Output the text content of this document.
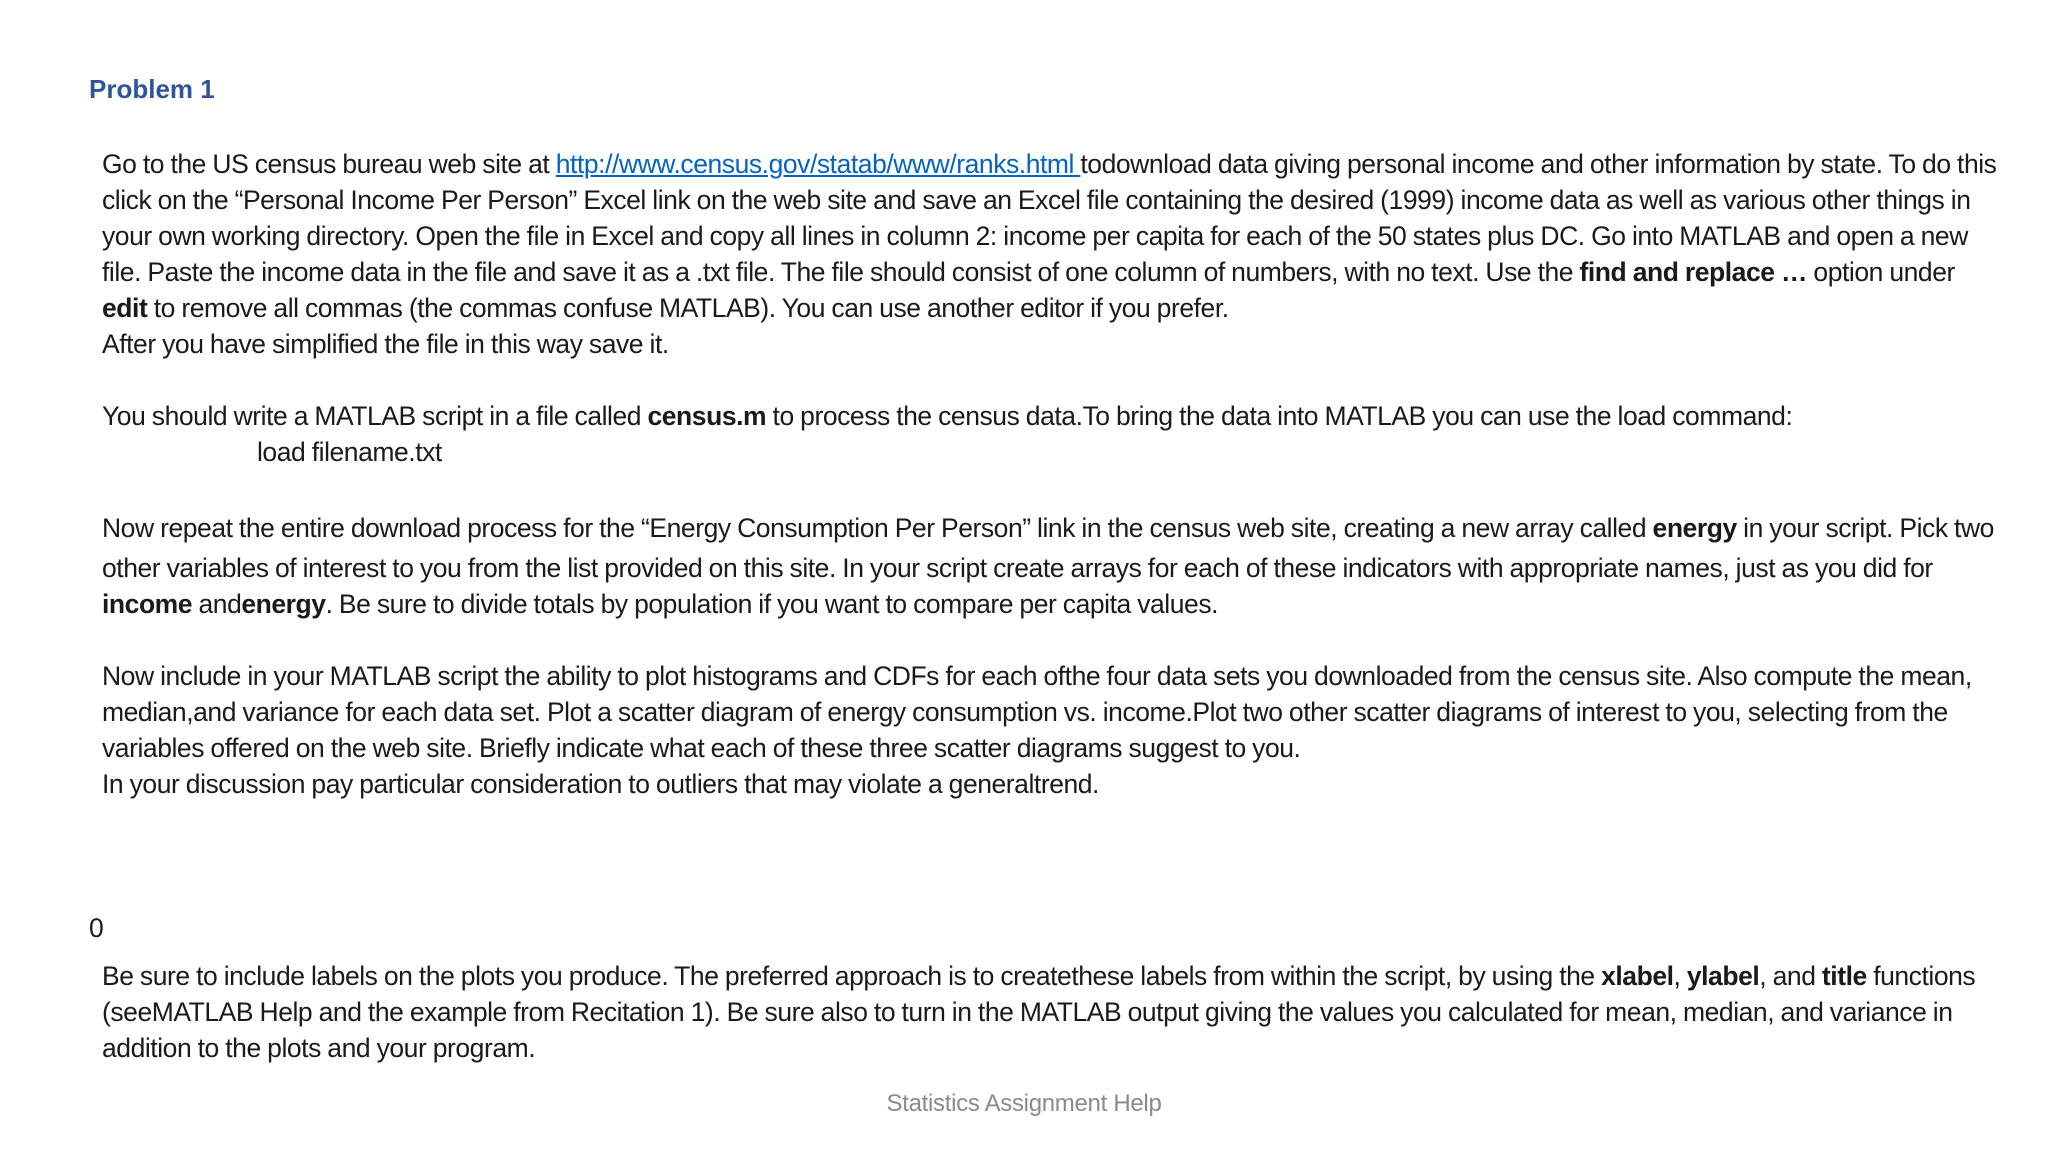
Problem 1

Go to the US census bureau web site at http://www.census.gov/statab/www/ranks.html todownload data giving personal income and other information by state. To do this click on the “Personal Income Per Person” Excel link on the web site and save an Excel file containing the desired (1999) income data as well as various other things in your own working directory. Open the file in Excel and copy all lines in column 2: income per capita for each of the 50 states plus DC. Go into MATLAB and open a new file. Paste the income data in the file and save it as a .txt file. The file should consist of one column of numbers, with no text. Use the find and replace … option under edit to remove all commas (the commas confuse MATLAB). You can use another editor if you prefer.

After you have simplified the file in this way save it.

You should write a MATLAB script in a file called census.m to process the census data.To bring the data into MATLAB you can use the load command:

load filename.txt

Now repeat the entire download process for the “Energy Consumption Per Person” link in the census web site, creating a new array called energy in your script. Pick two

other variables of interest to you from the list provided on this site. In your script create arrays for each of these indicators with appropriate names, just as you did for income andenergy. Be sure to divide totals by population if you want to compare per capita values.

Now include in your MATLAB script the ability to plot histograms and CDFs for each ofthe four data sets you downloaded from the census site. Also compute the mean, median,and variance for each data set. Plot a scatter diagram of energy consumption vs. income.Plot two other scatter diagrams of interest to you, selecting from the variables offered on the web site. Briefly indicate what each of these three scatter diagrams suggest to you.

In your discussion pay particular consideration to outliers that may violate a generaltrend.

0

Be sure to include labels on the plots you produce. The preferred approach is to createthese labels from within the script, by using the xlabel, ylabel, and title functions (seeMATLAB Help and the example from Recitation 1). Be sure also to turn in the MATLAB output giving the values you calculated for mean, median, and variance in addition to the plots and your program.

Statistics Assignment Help
